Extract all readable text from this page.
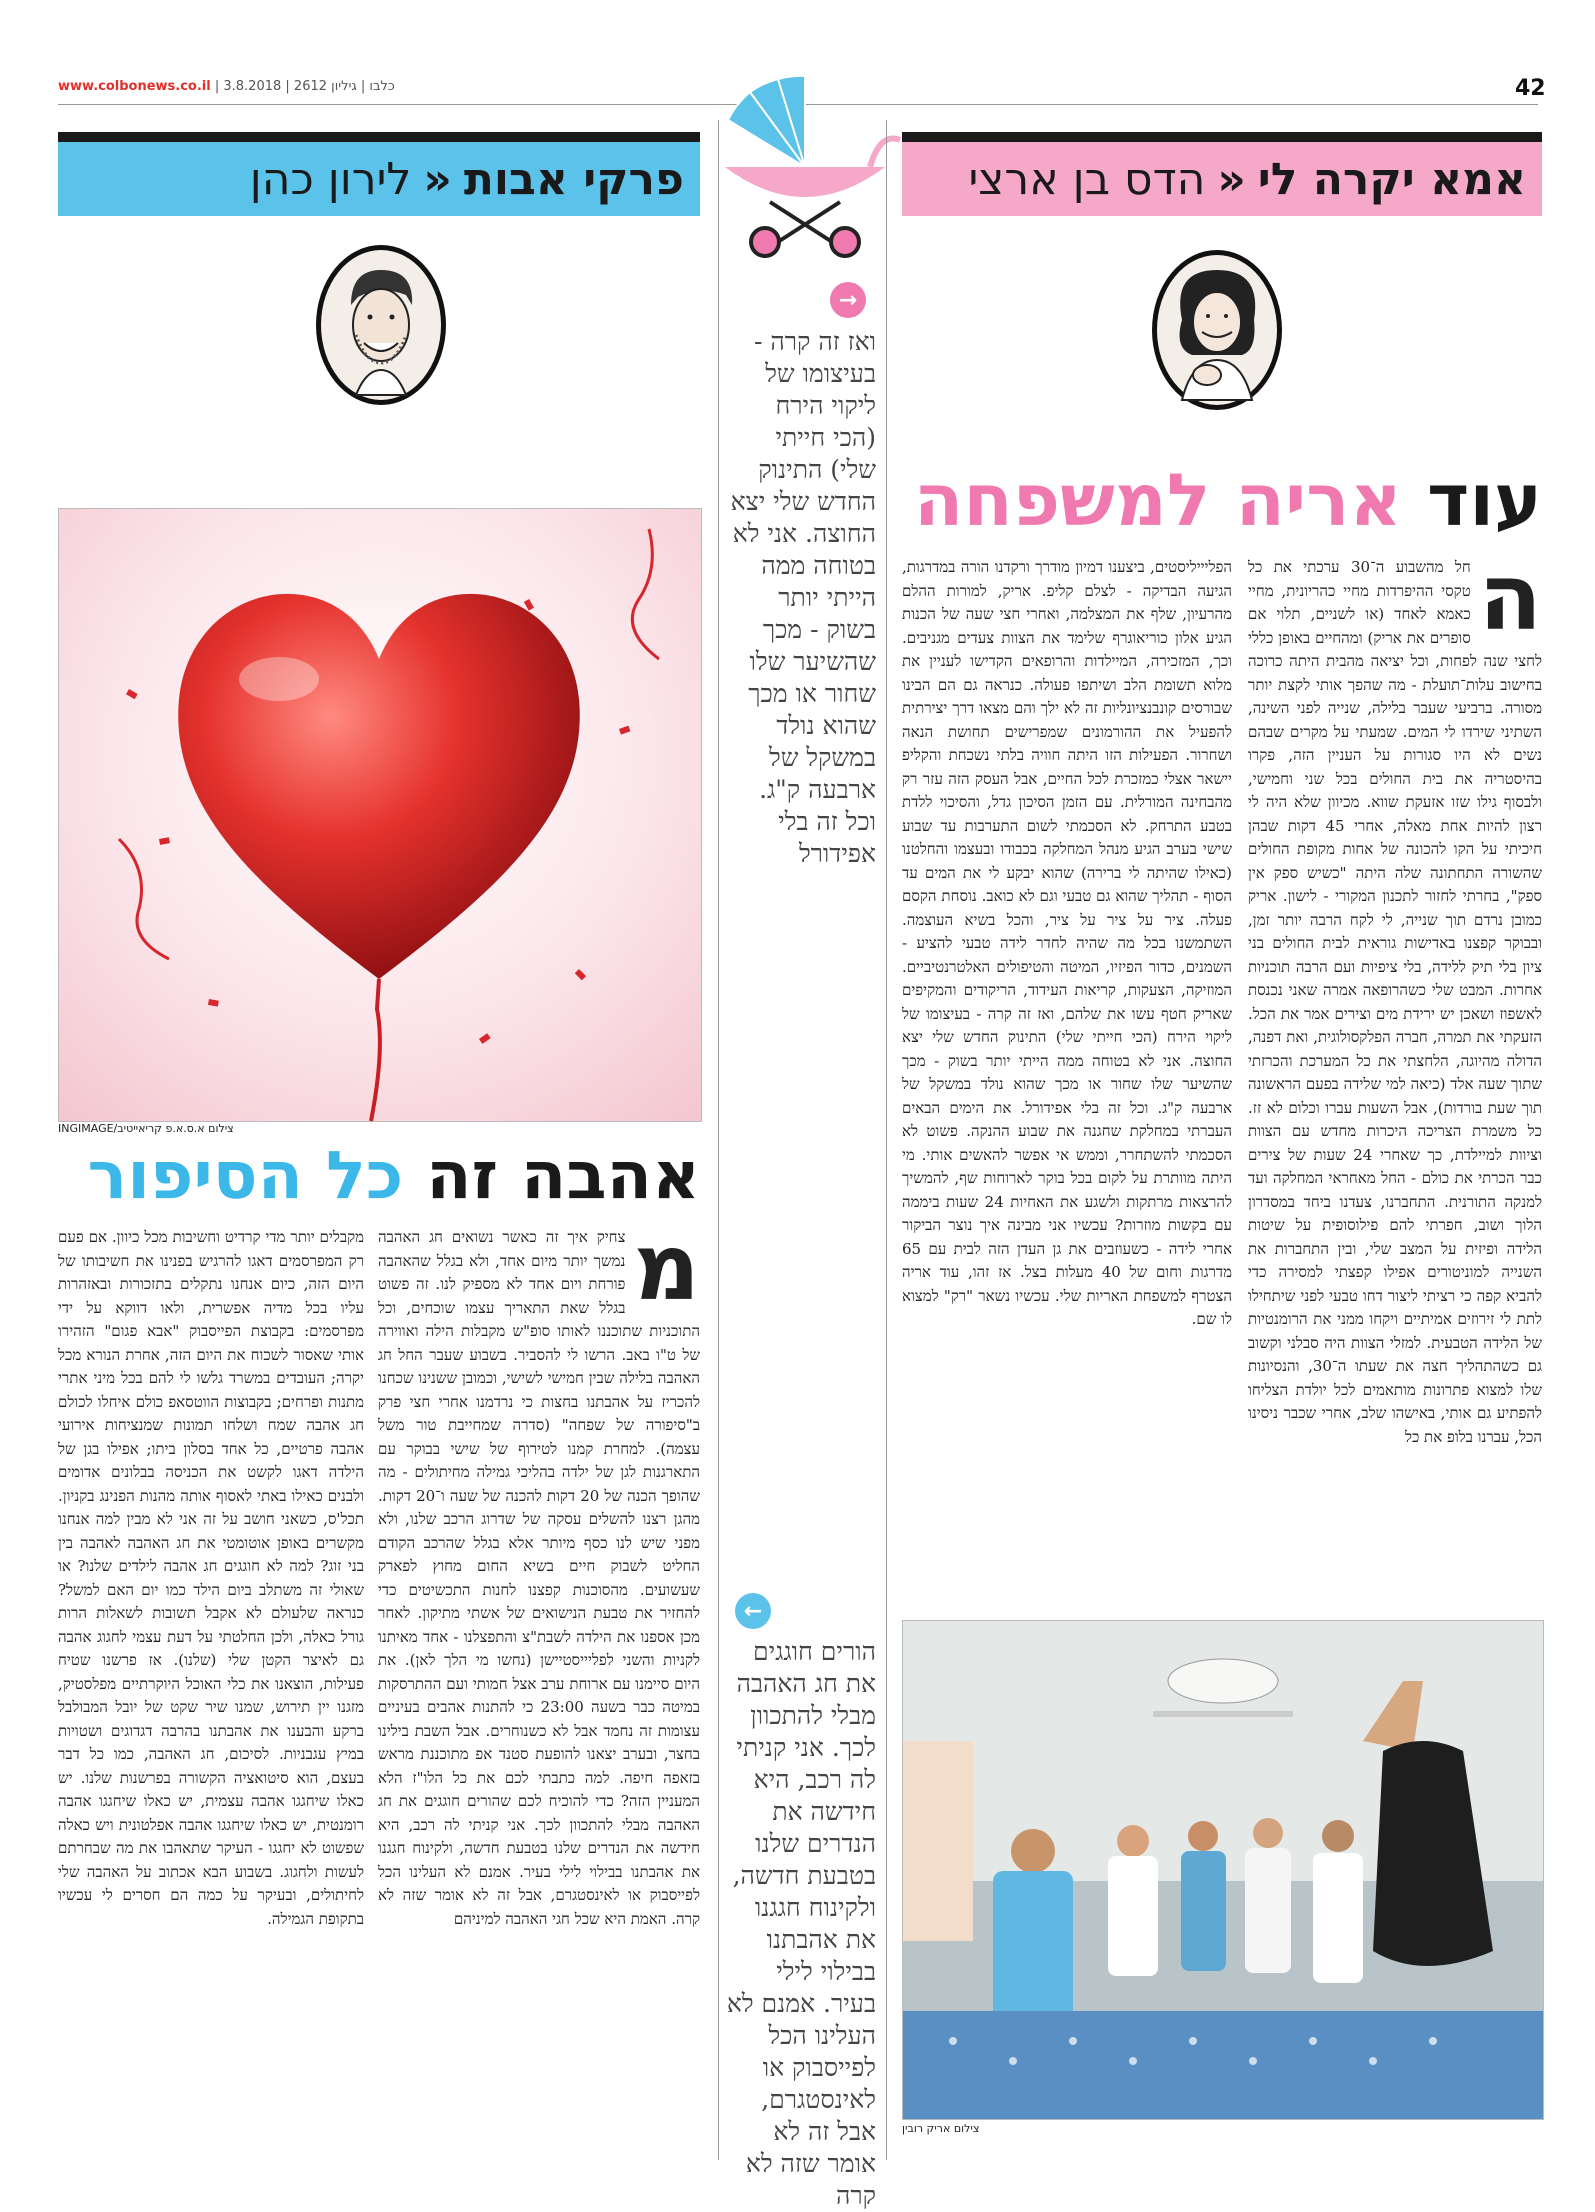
www.colbonews.co.il | כלבו | גיליון 2612 | 3.8.2018	42
אמא יקרה לי
«
הדס בן ארצי
פרקי אבות
«
לירון כהן
עוד אריה למשפחה
ה
חל מהשבוע ה־30 ערכתי את כל טקסי ההיפרדות מחיי כהריונית, מחיי כאמא לאחד (או לשניים, תלוי אם סופרים את אריק) ומהחיים באופן כללי לחצי שנה לפחות, וכל יציאה מהבית היתה כרוכה בחישוב עלות־תועלת - מה שהפך אותי לקצת יותר מסורה. ברביעי שעבר בלילה, שנייה לפני השינה, השתיני שירדו לי המים. שמעתי על מקרים שבהם נשים לא היו סגורות על העניין הזה, פקרו בהיסטריה את בית החולים בכל שני וחמישי, ולבסוף גילו שזו אזעקת שווא. מכיוון שלא היה לי רצון להיות אחת מאלה, אחרי 45 דקות שבהן חיכיתי על הקו להכונה של אחות מקופת החולים שהשורה התחתונה שלה היתה "כשיש ספק אין ספק", בחרתי לחזור לתכנון המקורי - לישון. אריק כמובן נרדם תוך שנייה, לי לקח הרבה יותר זמן, ובבוקר קפצנו באדישות גוראית לבית החולים בני ציון בלי תיק ללידה, בלי ציפיות ועם הרבה תוכניות אחרות. המבט שלי כשהרופאה אמרה שאני נכנסת לאשפוז ושאכן יש ירידת מים וצירים אמר את הכל. הזעקתי את תמרה, חברה הפלקסולוגית, ואת דפנה, הדולה מהיוגה, הלחצתי את כל המערכת והכרזתי שתוך שעה אלד (כיאה למי שלידה בפעם הראשונה תוך שעת בורדות), אבל השעות עברו וכלום לא זז. כל משמרת הצריכה היכרות מחדש עם הצוות וציוות למיילדת, כך שאחרי 24 שעות של צירים כבר הכרתי את כולם - החל מאחראי המחלקה ועד למנקה התורנית. התחברנו, צעדנו ביחד במסדרון הלוך ושוב, חפרתי להם פילוסופית על שיטות הלידה ופיזית על המצב שלי, ובין התחברות את השנייה למוניטורים אפילו קפצתי למסירה כדי להביא קפה כי רציתי ליצור דחו טבעי לפני שיתחילו לתת לי זירוזים אמיתיים ויקחו ממני את הרומנטיות של הלידה הטבעית. למזלי הצוות היה סבלני וקשוב גם כשהתהליך חצה את שעתו ה־30, והנסיונות שלו למצוא פתרונות מותאמים לכל יולדת הצליחו להפתיע גם אותי, באישהו שלב, אחרי שכבר ניסינו הכל, עברנו בלופ את כל
הפליייליסטים, ביצענו דמיון מודרך ורקדנו הורה במדרגות, הגיעה הבדיקה - לצלם קליפ. אריק, למורות ההלם מהרעיון, שלף את המצלמה, ואחרי חצי שעה של הכנות הגיע אלון כוריאוגרף שלימד את הצוות צעדים מגניבים. וכך, המזכירה, המיילדות והרופאים הקדישו לעניין את מלוא תשומת הלב ושיתפו פעולה. כנראה גם הם הבינו שבורסים קונבנציונליות זה לא ילך והם מצאו דרך יצירתית להפעיל את ההורמונים שמפרישים תחושת הנאה ושחרור. הפעילות הזו היתה חוויה בלתי נשכחת והקליפ יישאר אצלי כמזכרת לכל החיים, אבל העסק הזה עזר רק מהבחינה המורלית. עם הזמן הסיכון גדל, והסיכוי ללדת בטבע התרחק. לא הסכמתי לשום התערבות עד שבוע שישי בערב הגיע מנהל המחלקה בכבודו ובעצמו והחלטנו (כאילו שהיתה לי ברירה) שהוא יבקע לי את המים עד הסוף - תהליך שהוא גם טבעי וגם לא כואב. נוסחת הקסם פעלה. ציר על ציר על ציר, והכל בשיא העוצמה. השתמשנו בכל מה שהיה לחדר לידה טבעי להציע - השמנים, כדור הפיזיו, המיטה והטיפולים האלטרנטיביים. המוזיקה, הצעקות, קריאות העידוד, הריקודים והמקיפים שאריק חטף עשו את שלהם, ואז זה קרה - בעיצומו של ליקוי הירח (הכי חייתי שלי) התינוק החדש שלי יצא החוצה. אני לא בטוחה ממה הייתי יותר בשוק - מכך שהשיער שלו שחור או מכך שהוא נולד במשקל של ארבעה ק"ג. וכל זה בלי אפידורל. את הימים הבאים העברתי במחלקת שחגנה את שבוע ההנקה. פשוט לא הסכמתי להשתחרר, וממש אי אפשר להאשים אותי. מי היתה מוותרת על לקום בכל בוקר לארוחות שף, להמשיך להרצאות מרתקות ולשגע את האחיות 24 שעות ביממה עם בקשות מוזרות? עכשיו אני מבינה איך נוצר הביקור אחרי לידה - כשעוזבים את גן העדן הזה לבית עם 65 מדרגות וחום של 40 מעלות בצל. אז זהו, עוד אריה הצטרף למשפחת האריות שלי. עכשיו נשאר "רק" למצוא לו שם.
→
ואז זה קרה - בעיצומו של ליקוי הירח (הכי חייתי שלי) התינוק החדש שלי יצא החוצה. אני לא בטוחה ממה הייתי יותר בשוק - מכך שהשיער שלו שחור או מכך שהוא נולד במשקל של ארבעה ק"ג. וכל זה בלי אפידורל
←
הורים חוגגים את חג האהבה מבלי להתכוון לכך. אני קניתי לה רכב, היא חידשה את הנדרים שלנו בטבעת חדשה, ולקינוח חגגנו את אהבתנו בבילוי לילי בעיר. אמנם לא העלינו הכל לפייסבוק או לאינסטגרם, אבל זה לא אומר שזה לא קרה
צילום א.ס.א.פ קריאייטיב/INGIMAGE
אהבה זה כל הסיפור
מ
צחיק איך זה כאשר נשואים חג האהבה נמשך יותר מיום אחד, ולא בגלל שהאהבה פורחת ויום אחד לא מספיק לנו. זה פשוט בגלל שאת התאריך עצמו שוכחים, וכל התוכניות שתוכננו לאותו סופ"ש מקבלות הילה ואווירה של ט"ו באב. הרשו לי להסביר. בשבוע שעבר החל חג האהבה בלילה שבין חמישי לשישי, וכמובן ששנינו שכחנו להכריז על אהבתנו בחצות כי נרדמנו אחרי חצי פרק ב"סיפורה של שפחה" (סדרה שמחייבת טור משל עצמה). למחרת קמנו לטירוף של שישי בבוקר עם התארגנות לגן של ילדה בהליכי גמילה מחיתולים - מה שהופך הכנה של 20 דקות להכנה של שעה ו־20 דקות. מהגן רצנו להשלים עסקה של שדרוג הרכב שלנו, ולא מפני שיש לנו כסף מיותר אלא בגלל שהרכב הקודם החליט לשבוק חיים בשיא החום מחוץ לפארק שעשועים. מהסוכנות קפצנו לחנות התכשיטים כדי להחזיר את טבעת הנישואים של אשתי מתיקון. לאחר מכן אספנו את הילדה לשבת"צ והתפצלנו - אחד מאיתנו לקניות והשני לפליייסטיישן (נחשו מי הלך לאן). את היום סיימנו עם ארוחת ערב אצל חמותי ועם ההתרסקות במיטה כבר בשעה 23:00 כי להתנות אהבים בעיניים עצומות זה נחמד אבל לא כשנוחרים. אבל השבת בילינו בחצר, ובערב יצאנו להופעת סטנד אפ מתוכננת מראש בזאפה חיפה. למה כתבתי לכם את כל הלו"ז הלא המעניין הזה? כדי להוכיח לכם שהורים חוגגים את חג האהבה מבלי להתכוון לכך. אני קניתי לה רכב, היא חידשה את הנדרים שלנו בטבעת חדשה, ולקינוח חגגנו את אהבתנו בבילוי לילי בעיר. אמנם לא העלינו הכל לפייסבוק או לאינסטגרם, אבל זה לא אומר שזה לא קרה. האמת היא שכל חגי האהבה למיניהם
מקבלים יותר מדי קרדיט וחשיבות מכל כיוון. אם פעם רק המפרסמים דאגו להרגיש בפנינו את חשיבותו של היום הזה, כיום אנחנו נתקלים בתזכורות ובאזהרות עליו בכל מדיה אפשרית, ולאו דווקא על ידי מפרסמים: בקבוצת הפייסבוק "אבא פגום" הזהירו אותי שאסור לשכוח את היום הזה, אחרת הנורא מכל יקרה; העובדים במשרד גלשו לי להם בכל מיני אתרי מתנות ופרחים; בקבוצות הווטסאפ כולם איחלו לכולם חג אהבה שמח ושלחו תמונות שמנציחות אירועי אהבה פרטיים, כל אחד בסלון ביתו; אפילו בגן של הילדה דאגו לקשט את הכניסה בבלונים אדומים ולבנים כאילו באתי לאסוף אותה מהנות הפנינג בקניון. תכל'ס, כשאני חושב על זה אני לא מבין למה אנחנו מקשרים באופן אוטומטי את חג האהבה לאהבה בין בני זוג? למה לא חוגגים חג אהבה לילדים שלנו? או שאולי זה משתלב ביום הילד כמו יום האם למשל? כנראה שלעולם לא אקבל תשובות לשאלות הרות גורל כאלה, ולכן החלטתי על דעת עצמי לחגוג אהבה גם לאיצר הקטן שלי (שלנו). אז פרשנו שטיח פעילות, הוצאנו את כלי האוכל היוקרתיים מפלסטיק, מזגנו יין תירוש, שמנו שיר שקט של יובל המבולבל ברקע והבענו את אהבתנו בהרבה דגדוגים ושטויות במיץ עגבניות. לסיכום, חג האהבה, כמו כל דבר בעצם, הוא סיטואציה הקשורה בפרשנות שלנו. יש כאלו שיחגגו אהבה עצמית, יש כאלו שיחגגו אהבה רומנטית, יש כאלו שיחגגו אהבה אפלטונית ויש כאלה שפשוט לא יחגגו - העיקר שתאהבו את מה שבחרתם לעשות ולחגוג. בשבוע הבא אכתוב על האהבה שלי לחיתולים, ובעיקר על כמה הם חסרים לי עכשיו בתקופת הגמילה.
צילום אריק רובין
